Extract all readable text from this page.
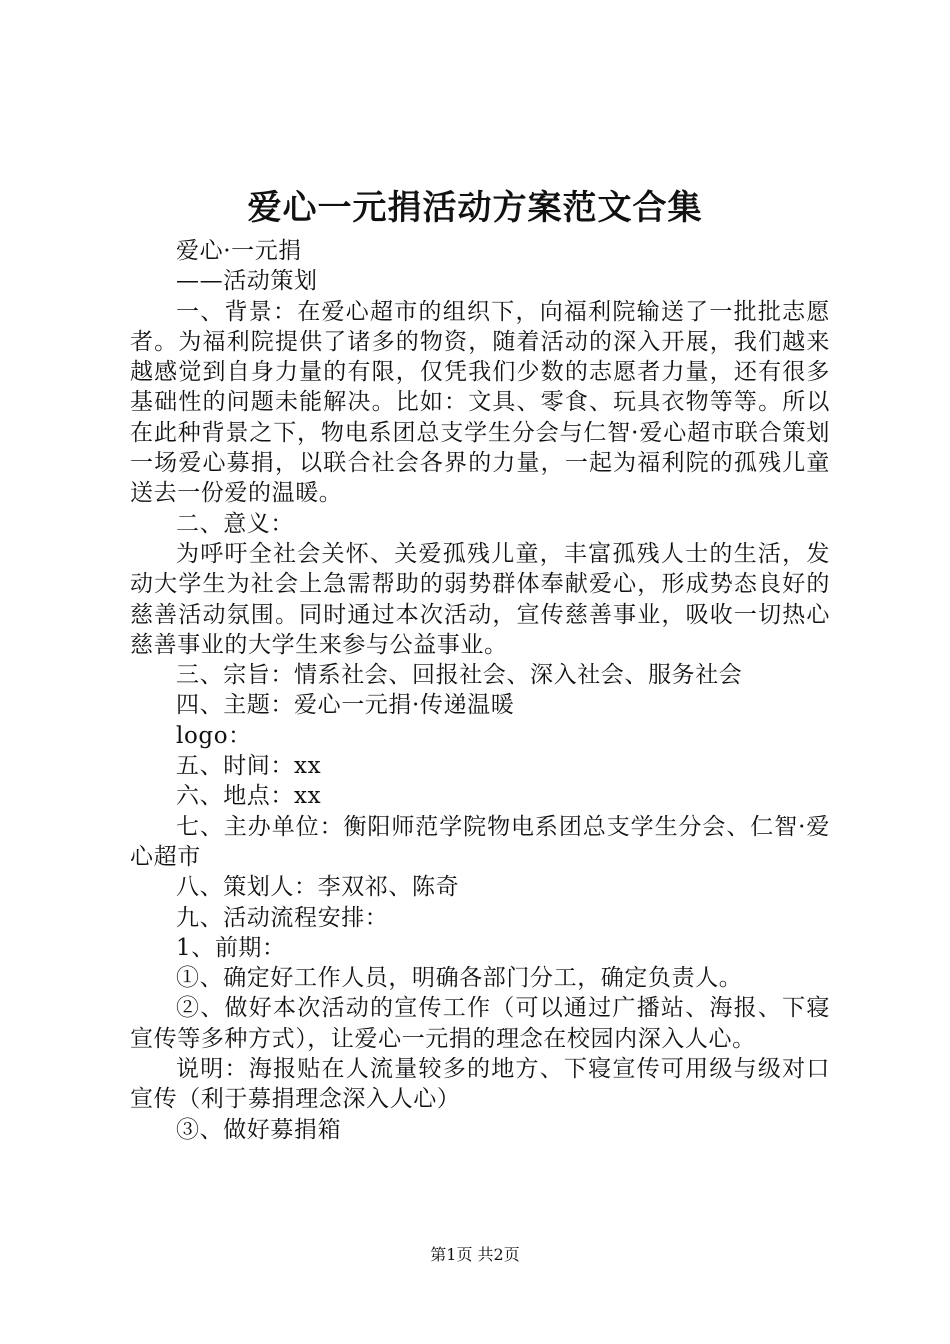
爱心一元捐活动方案范文合集

爱心·一元捐

——活动策划

一、背景：在爱心超市的组织下，向福利院输送了一批批志愿者。为福利院提供了诸多的物资，随着活动的深入开展，我们越来越感觉到自身力量的有限，仅凭我们少数的志愿者力量，还有很多基础性的问题未能解决。比如：文具、零食、玩具衣物等等。所以在此种背景之下，物电系团总支学生分会与仁智·爱心超市联合策划一场爱心募捐，以联合社会各界的力量，一起为福利院的孤残儿童送去一份爱的温暖。

二、意义：

为呼吁全社会关怀、关爱孤残儿童，丰富孤残人士的生活，发动大学生为社会上急需帮助的弱势群体奉献爱心，形成势态良好的慈善活动氛围。同时通过本次活动，宣传慈善事业，吸收一切热心慈善事业的大学生来参与公益事业。

三、宗旨：情系社会、回报社会、深入社会、服务社会

四、主题：爱心一元捐·传递温暖

logo：

五、时间：xx

六、地点：xx

七、主办单位：衡阳师范学院物电系团总支学生分会、仁智·爱心超市

八、策划人：李双祁、陈奇

九、活动流程安排：

1、前期：

①、确定好工作人员，明确各部门分工，确定负责人。

②、做好本次活动的宣传工作（可以通过广播站、海报、下寝宣传等多种方式），让爱心一元捐的理念在校园内深入人心。

说明：海报贴在人流量较多的地方、下寝宣传可用级与级对口宣传（利于募捐理念深入人心）

③、做好募捐箱

第1页 共2页
